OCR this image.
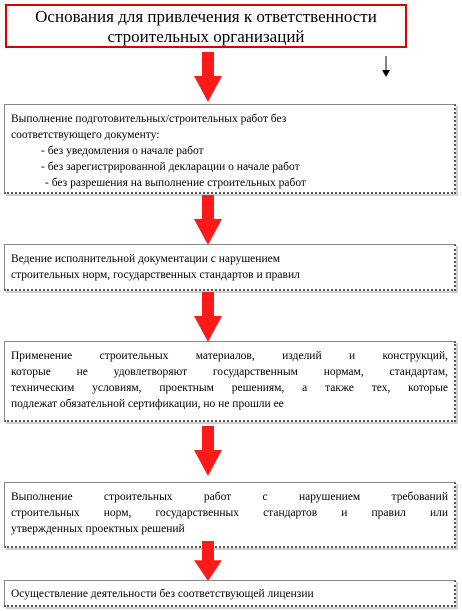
Основания для привлечения к ответственности
строительных организаций
Выполнение подготовительных/строительных работ без
соответствующего документу:
- без уведомления о начале работ
- без зарегистрированной декларации о начале работ
- без разрешения на выполнение строительных работ
Ведение исполнительной документации с нарушением
строительных норм, государственных стандартов и правил
Применение строительных материалов, изделий и конструкций,
которые не удовлетворяют государственным нормам, стандартам,
техническим условиям, проектным решениям, а также тех, которые
подлежат обязательной сертификации, но не прошли ее
Выполнение строительных работ с нарушением требований
строительных норм, государственных стандартов и правил или
утвержденных проектных решений
Осуществление деятельности без соответствующей лицензии
